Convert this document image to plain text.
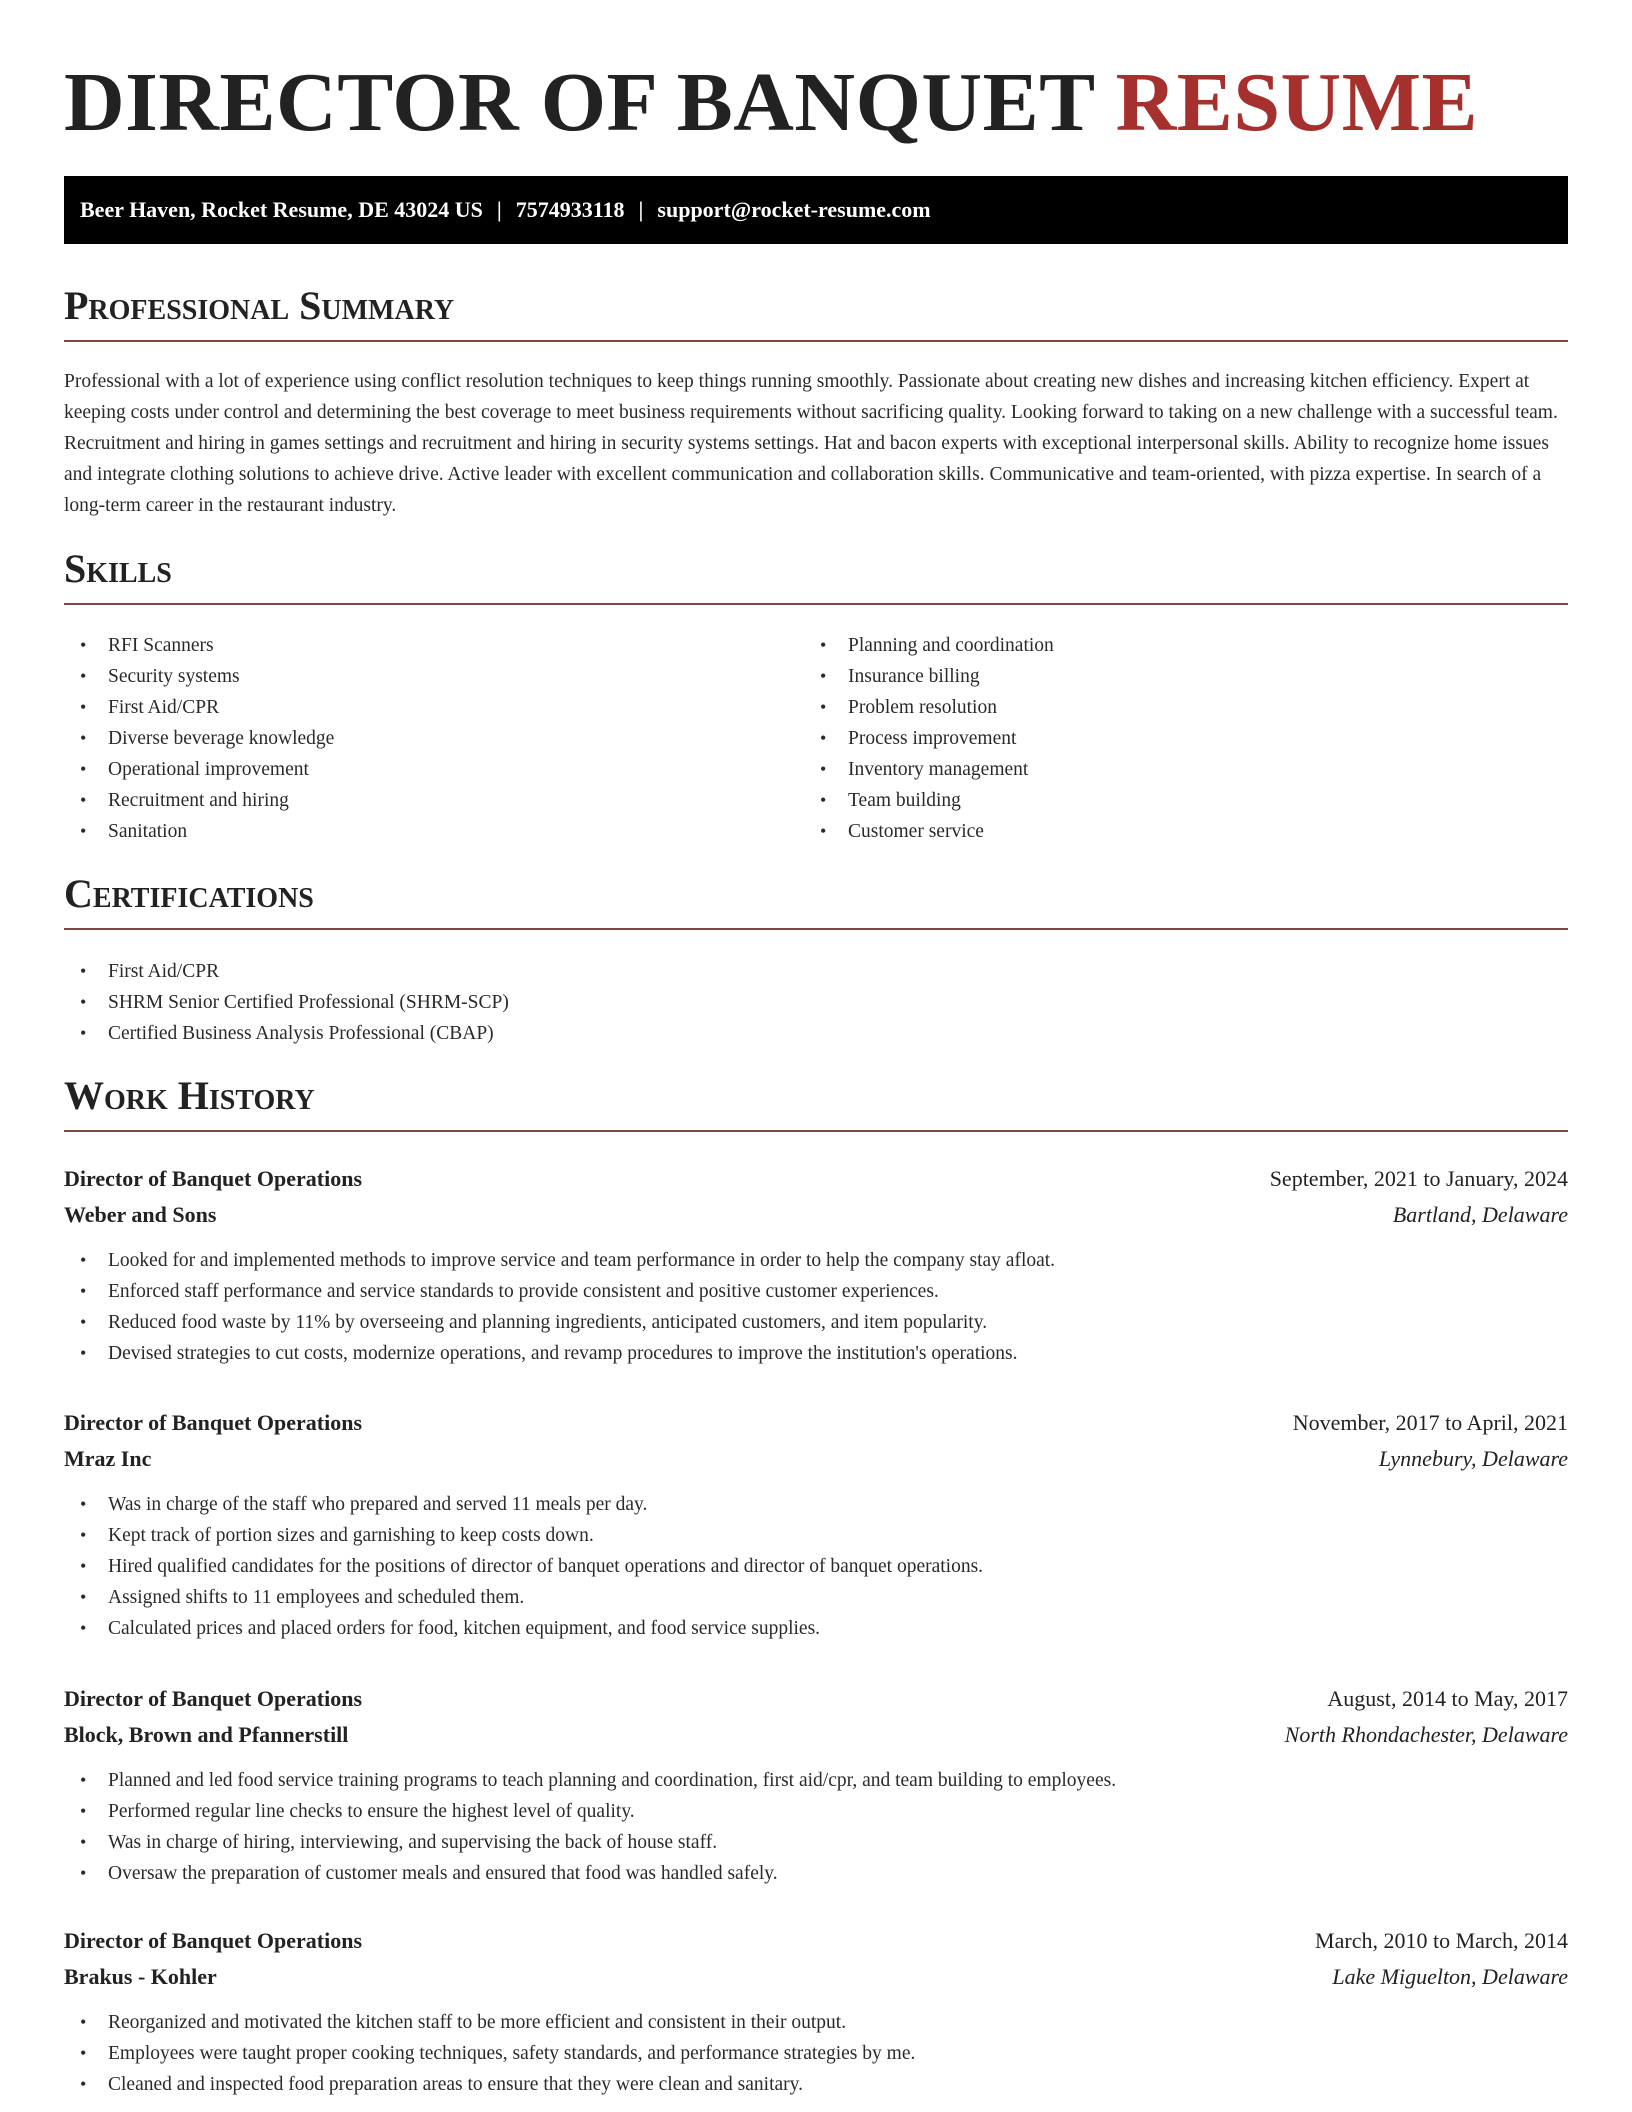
DIRECTOR OF BANQUET RESUME
Beer Haven, Rocket Resume, DE 43024 US | 7574933118 | support@rocket-resume.com
Professional Summary

Professional with a lot of experience using conflict resolution techniques to keep things running smoothly. Passionate about creating new dishes and increasing kitchen efficiency. Expert at keeping costs under control and determining the best coverage to meet business requirements without sacrificing quality. Looking forward to taking on a new challenge with a successful team. Recruitment and hiring in games settings and recruitment and hiring in security systems settings. Hat and bacon experts with exceptional interpersonal skills. Ability to recognize home issues and integrate clothing solutions to achieve drive. Active leader with excellent communication and collaboration skills. Communicative and team-oriented, with pizza expertise. In search of a long-term career in the restaurant industry.

Skills
• RFI Scanners
• Security systems
• First Aid/CPR
• Diverse beverage knowledge
• Operational improvement
• Recruitment and hiring
• Sanitation
• Planning and coordination
• Insurance billing
• Problem resolution
• Process improvement
• Inventory management
• Team building
• Customer service
Certifications
• First Aid/CPR
• SHRM Senior Certified Professional (SHRM-SCP)
• Certified Business Analysis Professional (CBAP)
Work History
Director of Banquet Operations	September, 2021 to January, 2024
Weber and Sons	Bartland, Delaware
• Looked for and implemented methods to improve service and team performance in order to help the company stay afloat.
• Enforced staff performance and service standards to provide consistent and positive customer experiences.
• Reduced food waste by 11% by overseeing and planning ingredients, anticipated customers, and item popularity.
• Devised strategies to cut costs, modernize operations, and revamp procedures to improve the institution's operations.
Director of Banquet Operations	November, 2017 to April, 2021
Mraz Inc	Lynnebury, Delaware
• Was in charge of the staff who prepared and served 11 meals per day.
• Kept track of portion sizes and garnishing to keep costs down.
• Hired qualified candidates for the positions of director of banquet operations and director of banquet operations.
• Assigned shifts to 11 employees and scheduled them.
• Calculated prices and placed orders for food, kitchen equipment, and food service supplies.
Director of Banquet Operations	August, 2014 to May, 2017
Block, Brown and Pfannerstill	North Rhondachester, Delaware
• Planned and led food service training programs to teach planning and coordination, first aid/cpr, and team building to employees.
• Performed regular line checks to ensure the highest level of quality.
• Was in charge of hiring, interviewing, and supervising the back of house staff.
• Oversaw the preparation of customer meals and ensured that food was handled safely.
Director of Banquet Operations	March, 2010 to March, 2014
Brakus - Kohler	Lake Miguelton, Delaware
• Reorganized and motivated the kitchen staff to be more efficient and consistent in their output.
• Employees were taught proper cooking techniques, safety standards, and performance strategies by me.
• Cleaned and inspected food preparation areas to ensure that they were clean and sanitary.
